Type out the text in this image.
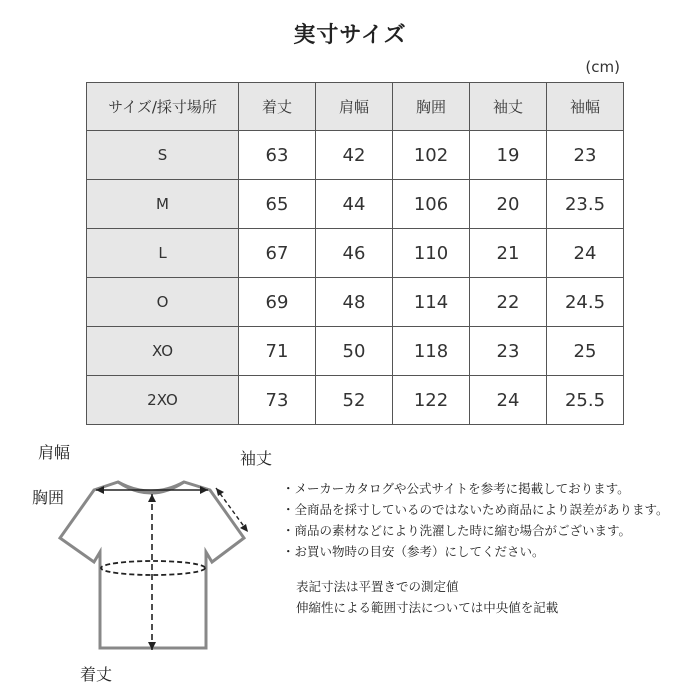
実寸サイズ
(cm)
サイズ/採寸場所	着丈	肩幅	胸囲	袖丈	袖幅
S	63	42	102	19	23
M	65	44	106	20	23.5
L	67	46	110	21	24
O	69	48	114	22	24.5
XO	71	50	118	23	25
2XO	73	52	122	24	25.5
肩幅	袖丈
胸囲
着丈
・メーカーカタログや公式サイトを参考に掲載しております。
・全商品を採寸しているのではないため商品により誤差があります。
・商品の素材などにより洗濯した時に縮む場合がございます。
・お買い物時の目安（参考）にしてください。
表記寸法は平置きでの測定値
伸縮性による範囲寸法については中央値を記載
